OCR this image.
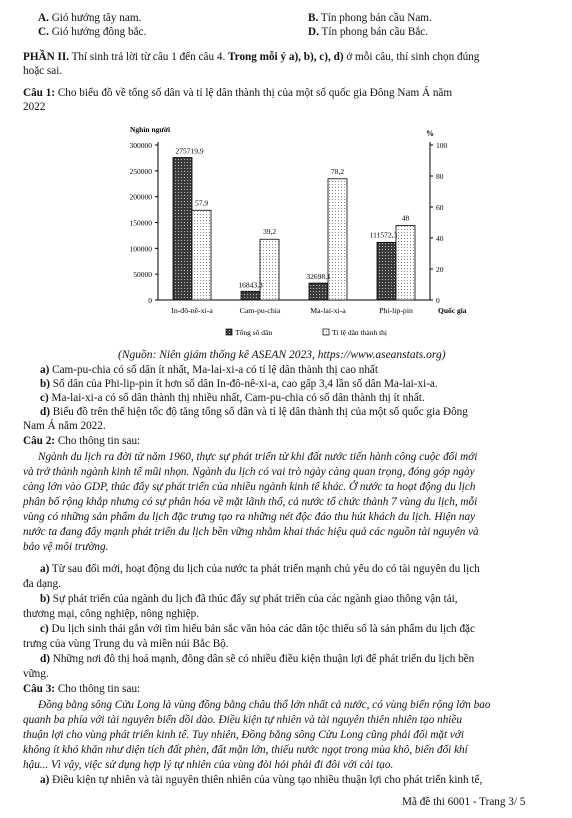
A. Gió hướng tây nam.	B. Tín phong bán cầu Nam.
C. Gió hướng đông bắc.	D. Tín phong bán cầu Bắc.
PHẦN II. Thí sinh trả lời từ câu 1 đến câu 4. Trong mỗi ý a), b), c), d) ở mỗi câu, thí sinh chọn đúng
hoặc sai.
Câu 1: Cho biểu đồ về tổng số dân và tỉ lệ dân thành thị của một số quốc gia Đông Nam Á năm
2022
0
50000
100000
150000
200000
250000
300000
0
20
40
60
80
100
Nghìn người	%
Quốc gia
275719,9
57,9
In-đô-nê-xi-a
16843,3
39,2
Cam-pu-chia
32698,1
78,2
Ma-lai-xi-a
111572,3
48
Phi-lip-pin
Tổng số dân	Tỉ lệ dân thành thị
(Nguồn: Niên giám thống kê ASEAN 2023, https://www.aseanstats.org)
a) Cam-pu-chia có số dân ít nhất, Ma-lai-xi-a có tỉ lệ dân thành thị cao nhất
b) Số dân của Phi-lip-pin ít hơn số dân In-đô-nê-xi-a, cao gấp 3,4 lần số dân Ma-lai-xi-a.
c) Ma-lai-xi-a có số dân thành thị nhiều nhất, Cam-pu-chia có số dân thành thị ít nhất.
d) Biểu đồ trên thể hiện tốc độ tăng tổng số dân và tỉ lệ dân thành thị của một số quốc gia Đông
Nam Á năm 2022.
Câu 2: Cho thông tin sau:
Ngành du lịch ra đời từ năm 1960, thực sự phát triển từ khi đất nước tiến hành công cuộc đổi mới
và trở thành ngành kinh tế mũi nhọn. Ngành du lịch có vai trò ngày càng quan trọng, đóng góp ngày
càng lớn vào GDP, thúc đẩy sự phát triển của nhiều ngành kinh tế khác. Ở nước ta hoạt động du lịch
phân bố rộng khắp nhưng có sự phân hóa về mặt lãnh thổ, cả nước tổ chức thành 7 vùng du lịch, mỗi
vùng có những sản phẩm du lịch đặc trưng tạo ra những nét độc đáo thu hút khách du lịch. Hiện nay
nước ta đang đẩy mạnh phát triển du lịch bền vững nhằm khai thác hiệu quả các nguồn tài nguyên và
bảo vệ môi trường.
a) Từ sau đổi mới, hoạt động du lịch của nước ta phát triển mạnh chủ yếu do có tài nguyên du lịch
đa dạng.
b) Sự phát triển của ngành du lịch đã thúc đẩy sự phát triển của các ngành giao thông vận tải,
thương mại, công nghiệp, nông nghiệp.
c) Du lịch sinh thái gắn với tìm hiểu bản sắc văn hóa các dân tộc thiểu số là sản phẩm du lịch đặc
trưng của vùng Trung du và miền núi Bắc Bộ.
d) Những nơi đô thị hoá mạnh, đông dân sẽ có nhiều điều kiện thuận lợi để phát triển du lịch bền
vững.
Câu 3: Cho thông tin sau:
Đồng bằng sông Cửu Long là vùng đồng bằng châu thổ lớn nhất cả nước, có vùng biển rộng lớn bao
quanh ba phía với tài nguyên biển dồi dào. Điều kiện tự nhiên và tài nguyên thiên nhiên tạo nhiều
thuận lợi cho vùng phát triển kinh tế. Tuy nhiên, Đồng bằng sông Cửu Long cũng phải đối mặt với
không ít khó khăn như diện tích đất phèn, đất mặn lớn, thiếu nước ngọt trong mùa khô, biến đổi khí
hậu... Vì vậy, việc sử dụng hợp lý tự nhiên của vùng đòi hỏi phải đi đôi với cải tạo.
a) Điều kiện tự nhiên và tài nguyên thiên nhiên của vùng tạo nhiều thuận lợi cho phát triển kinh tế,
Mã đề thi 6001 - Trang 3/ 5
